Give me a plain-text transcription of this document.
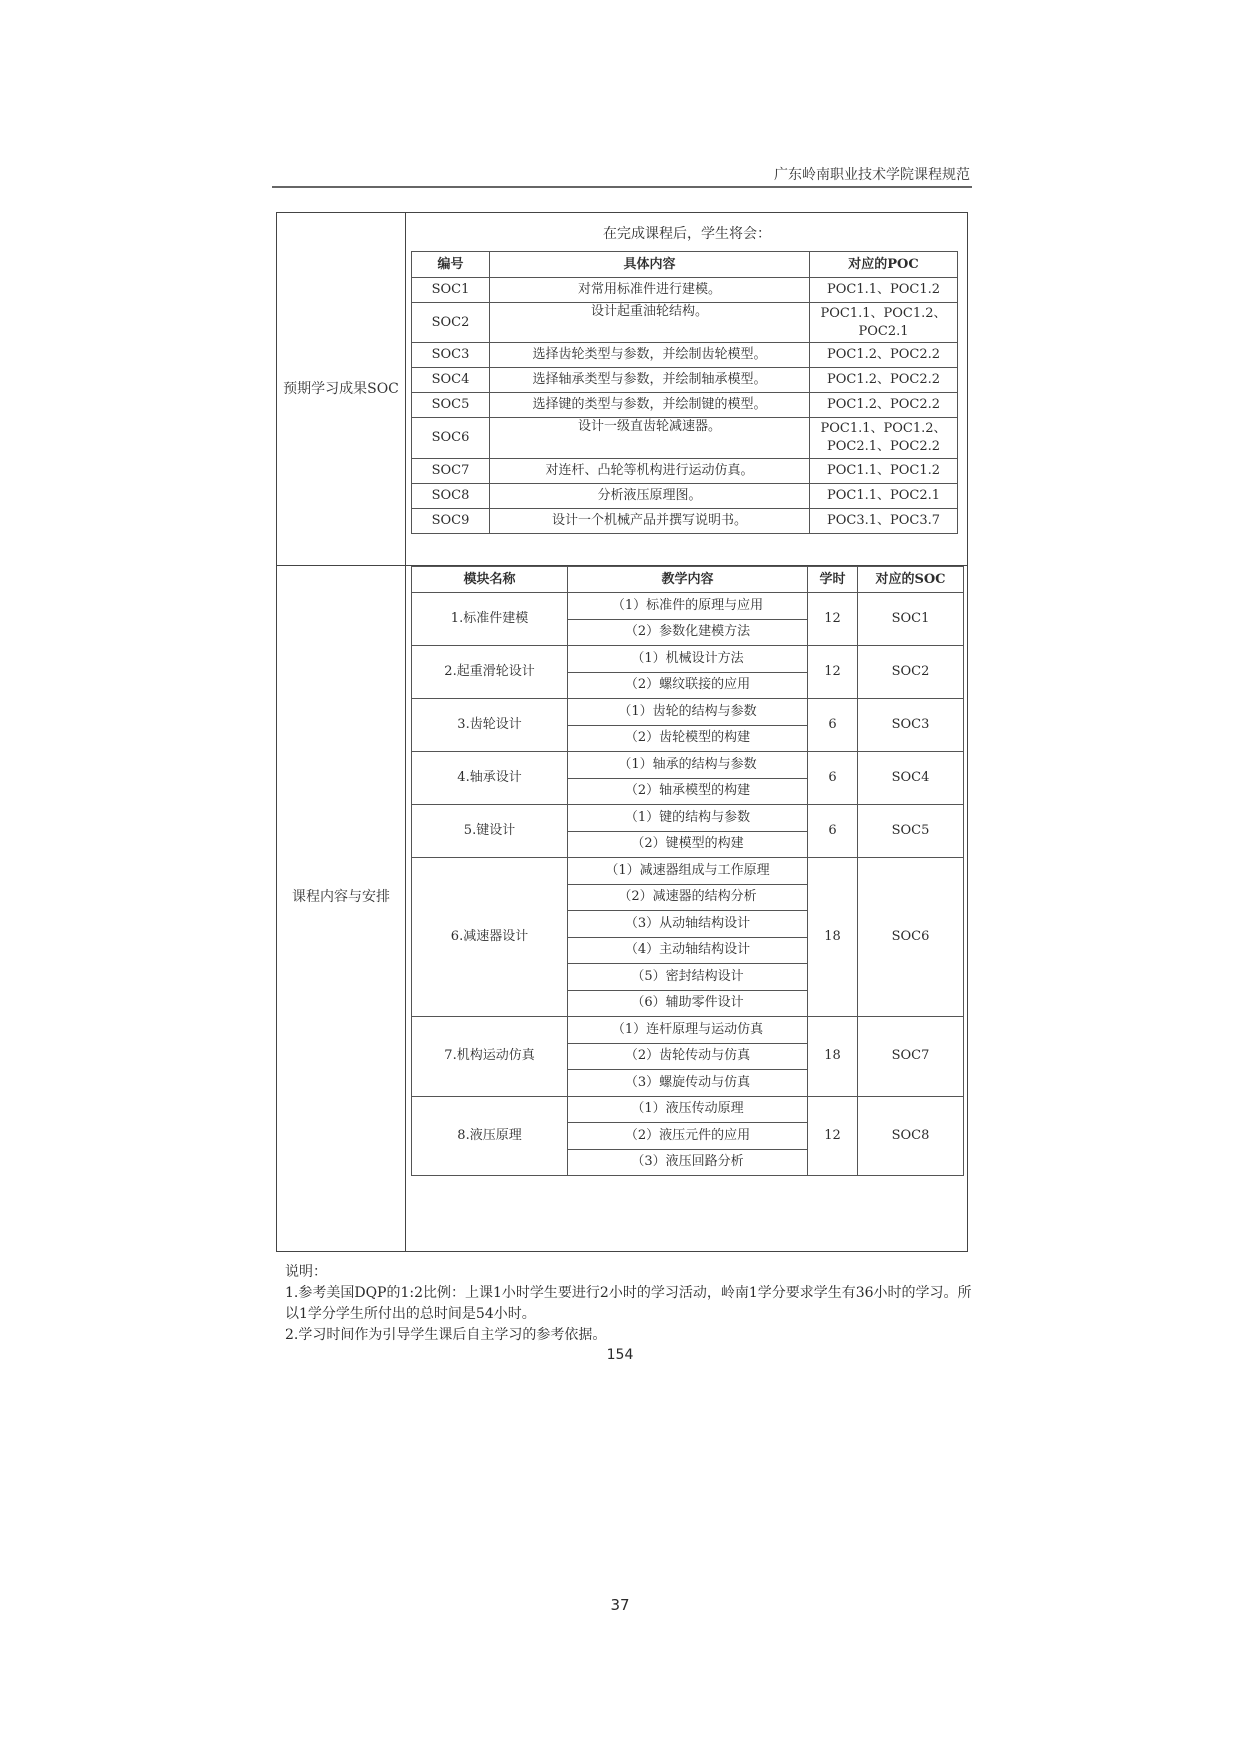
广东岭南职业技术学院课程规范
预期学习成果SOC
课程内容与安排
在完成课程后，学生将会：
编号	具体内容	对应的POC
SOC1	对常用标准件进行建模。	POC1.1、POC1.2
SOC2	设计起重油轮结构。	POC1.1、POC1.2、POC2.1
SOC3	选择齿轮类型与参数，并绘制齿轮模型。	POC1.2、POC2.2
SOC4	选择轴承类型与参数，并绘制轴承模型。	POC1.2、POC2.2
SOC5	选择键的类型与参数，并绘制键的模型。	POC1.2、POC2.2
SOC6	设计一级直齿轮减速器。	POC1.1、POC1.2、POC2.1、POC2.2
SOC7	对连杆、凸轮等机构进行运动仿真。	POC1.1、POC1.2
SOC8	分析液压原理图。	POC1.1、POC2.1
SOC9	设计一个机械产品并撰写说明书。	POC3.1、POC3.7
模块名称	教学内容	学时	对应的SOC
1.标准件建模	（1）标准件的原理与应用	12	SOC1
	（2）参数化建模方法		
2.起重滑轮设计	（1）机械设计方法	12	SOC2
	（2）螺纹联接的应用		
3.齿轮设计	（1）齿轮的结构与参数	6	SOC3
	（2）齿轮模型的构建		
4.轴承设计	（1）轴承的结构与参数	6	SOC4
	（2）轴承模型的构建		
5.键设计	（1）键的结构与参数	6	SOC5
	（2）键模型的构建		
6.减速器设计	（1）减速器组成与工作原理	18	SOC6
	（2）减速器的结构分析		
	（3）从动轴结构设计		
	（4）主动轴结构设计		
	（5）密封结构设计		
	（6）辅助零件设计		
7.机构运动仿真	（1）连杆原理与运动仿真	18	SOC7
	（2）齿轮传动与仿真		
	（3）螺旋传动与仿真		
8.液压原理	（1）液压传动原理	12	SOC8
	（2）液压元件的应用		
	（3）液压回路分析		

说明：

1.参考美国DQP的1:2比例：上课1小时学生要进行2小时的学习活动，岭南1学分要求学生有36小时的学习。所以1学分学生所付出的总时间是54小时。

2.学习时间作为引导学生课后自主学习的参考依据。

154
37
